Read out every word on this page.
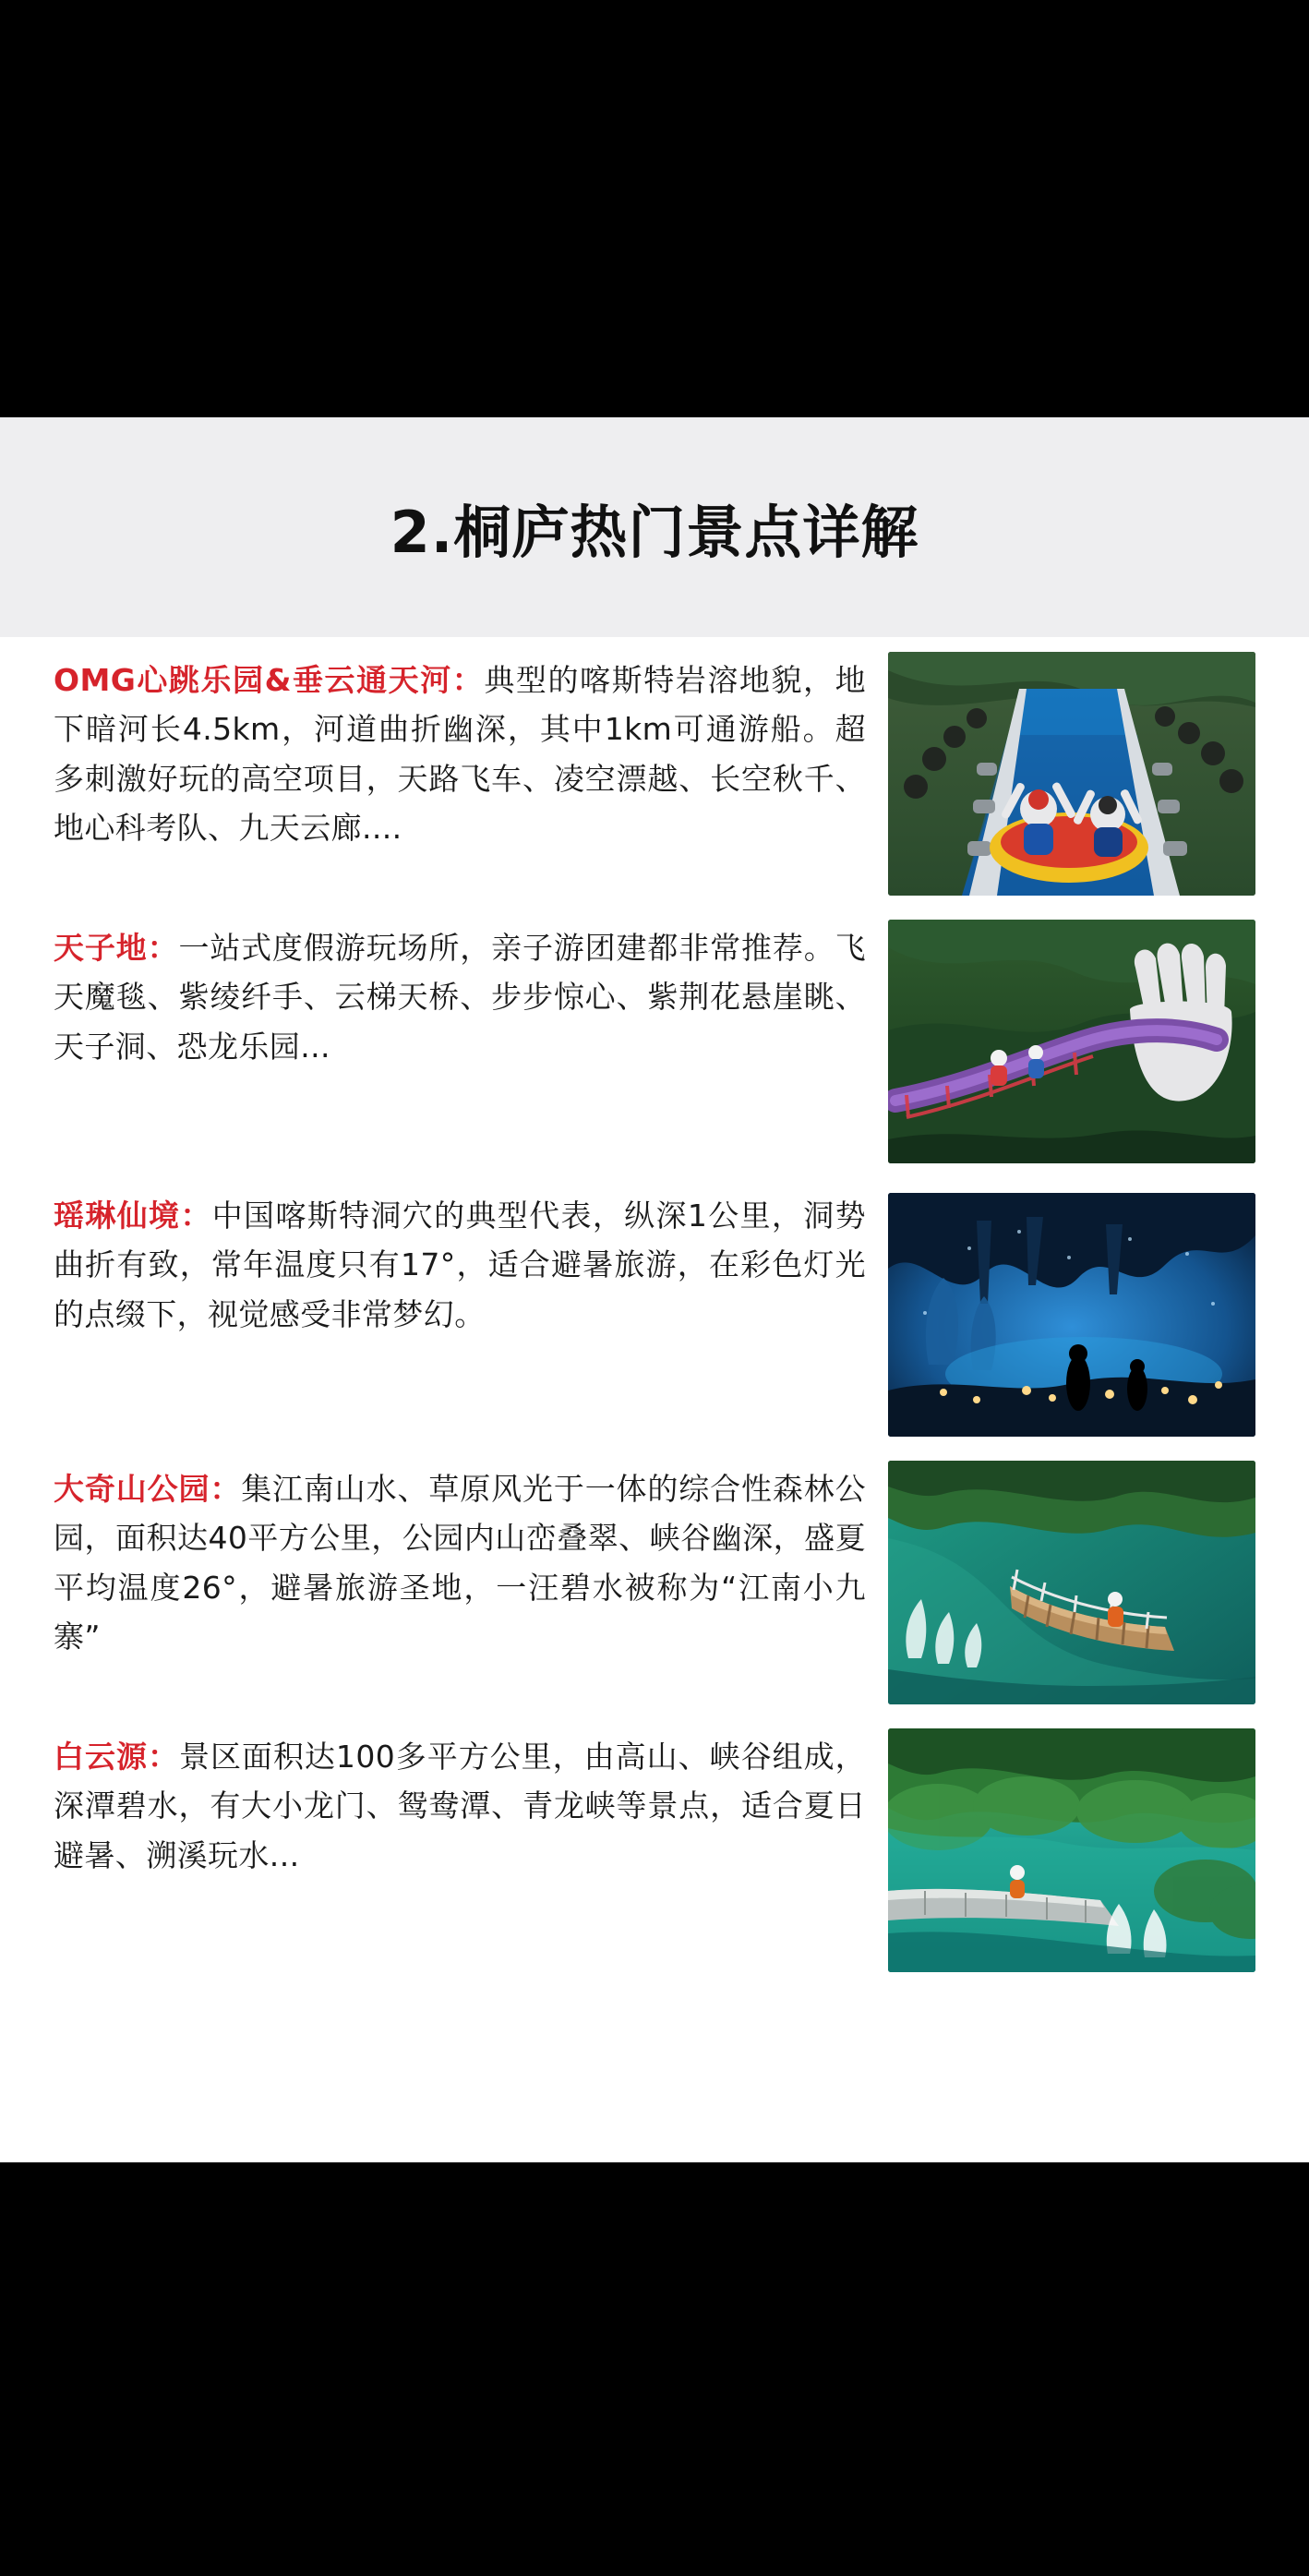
2.桐庐热门景点详解
OMG心跳乐园&垂云通天河：典型的喀斯特岩溶地貌，地下暗河长4.5km，河道曲折幽深，其中1km可通游船。超多刺激好玩的高空项目，天路飞车、凌空漂越、长空秋千、地心科考队、九天云廊....
天子地：一站式度假游玩场所，亲子游团建都非常推荐。飞天魔毯、紫绫纤手、云梯天桥、步步惊心、紫荆花悬崖眺、天子洞、恐龙乐园...
瑶琳仙境：中国喀斯特洞穴的典型代表，纵深1公里，洞势曲折有致，常年温度只有17°，适合避暑旅游，在彩色灯光的点缀下，视觉感受非常梦幻。
大奇山公园：集江南山水、草原风光于一体的综合性森林公园，面积达40平方公里，公园内山峦叠翠、峡谷幽深，盛夏平均温度26°，避暑旅游圣地，一汪碧水被称为“江南小九寨”
白云源：景区面积达100多平方公里，由高山、峡谷组成，深潭碧水，有大小龙门、鸳鸯潭、青龙峡等景点，适合夏日避暑、溯溪玩水...
